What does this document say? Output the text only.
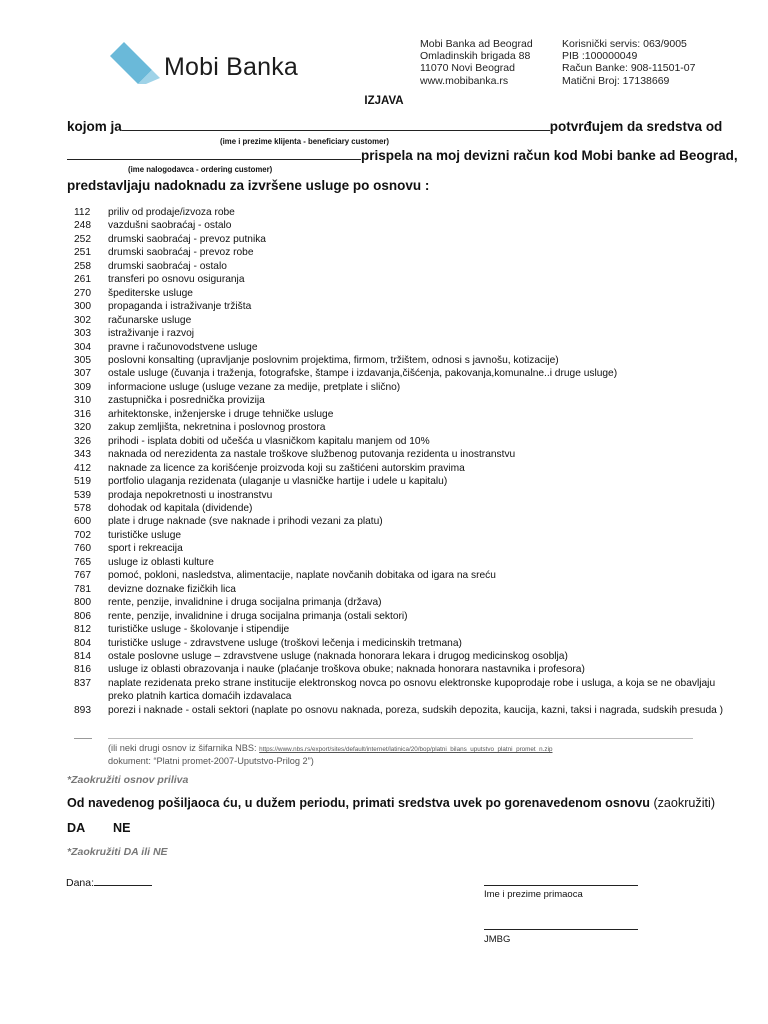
Mobi Banka
Mobi Banka ad Beograd
Omladinskih brigada 88
11070 Novi Beograd
www.mobibanka.rs
Korisnički servis: 063/9005
PIB :100000049
Račun Banke: 908-11501-07
Matični Broj: 17138669
IZJAVA
kojom ja	potvrđujem da sredstva od
(ime i prezime klijenta - beneficiary customer)
prispela na moj devizni račun kod Mobi banke ad Beograd,
(ime nalogodavca - ordering customer)
predstavljaju nadoknadu za izvršene usluge po osnovu :
112	priliv od prodaje/izvoza robe
248	vazdušni saobraćaj - ostalo
252	drumski saobraćaj - prevoz putnika
251	drumski saobraćaj - prevoz robe
258	drumski saobraćaj - ostalo
261	transferi po osnovu osiguranja
270	špediterske usluge
300	propaganda i istraživanje tržišta
302	računarske usluge
303	istraživanje i razvoj
304	pravne i računovodstvene usluge
305	poslovni konsalting (upravljanje poslovnim projektima, firmom, tržištem, odnosi s javnošu, kotizacije)
307	ostale usluge (čuvanja i traženja, fotografske, štampe i izdavanja,čišćenja, pakovanja,komunalne..i druge usluge)
309	informacione usluge (usluge vezane za medije, pretplate i slično)
310	zastupnička i posrednička provizija
316	arhitektonske, inženjerske i druge tehničke usluge
320	zakup zemljišta, nekretnina i poslovnog prostora
326	prihodi - isplata dobiti od učešća u vlasničkom kapitalu manjem od 10%
343	naknada od nerezidenta za nastale troškove službenog putovanja rezidenta u inostranstvu
412	naknade za licence za korišćenje proizvoda koji su zaštićeni autorskim pravima
519	portfolio ulaganja rezidenata (ulaganje u vlasničke hartije i udele u kapitalu)
539	prodaja nepokretnosti u inostranstvu
578	dohodak od kapitala (dividende)
600	plate i druge naknade (sve naknade i prihodi vezani za platu)
702	turističke usluge
760	sport i rekreacija
765	usluge iz oblasti kulture
767	pomoć, pokloni, nasledstva, alimentacije, naplate novčanih dobitaka od igara na sreću
781	devizne doznake fizičkih lica
800	rente, penzije, invalidnine i druga socijalna primanja (država)
806	rente, penzije, invalidnine i druga socijalna primanja (ostali sektori)
812	turističke usluge - školovanje i stipendije
804	turističke usluge - zdravstvene usluge (troškovi lečenja i medicinskih tretmana)
814	ostale poslovne usluge – zdravstvene usluge (naknada honorara lekara i drugog medicinskog osoblja)
816	usluge iz oblasti obrazovanja i nauke (plaćanje troškova obuke; naknada honorara nastavnika i profesora)
837	naplate rezidenata preko strane institucije elektronskog novca po osnovu elektronske kupoprodaje robe i usluga, a koja se ne obavljaju preko platnih kartica domaćih izdavalaca
893	porezi i naknade - ostali sektori (naplate po osnovu naknada, poreza, sudskih depozita, kaucija, kazni, taksi i nagrada, sudskih presuda )
(ili neki drugi osnov iz šifarnika NBS: https://www.nbs.rs/export/sites/default/internet/latinica/20/bop/platni_bilans_uputstvo_platni_promet_n.zip
dokument: “Platni promet-2007-Uputstvo-Prilog 2”)
*Zaokružiti osnov priliva
Od navedenog pošiljaoca ću, u dužem periodu, primati sredstva uvek po gorenavedenom osnovu (zaokružiti)
DA NE
*Zaokružiti DA ili NE
Dana:
Ime i prezime primaoca
JMBG
